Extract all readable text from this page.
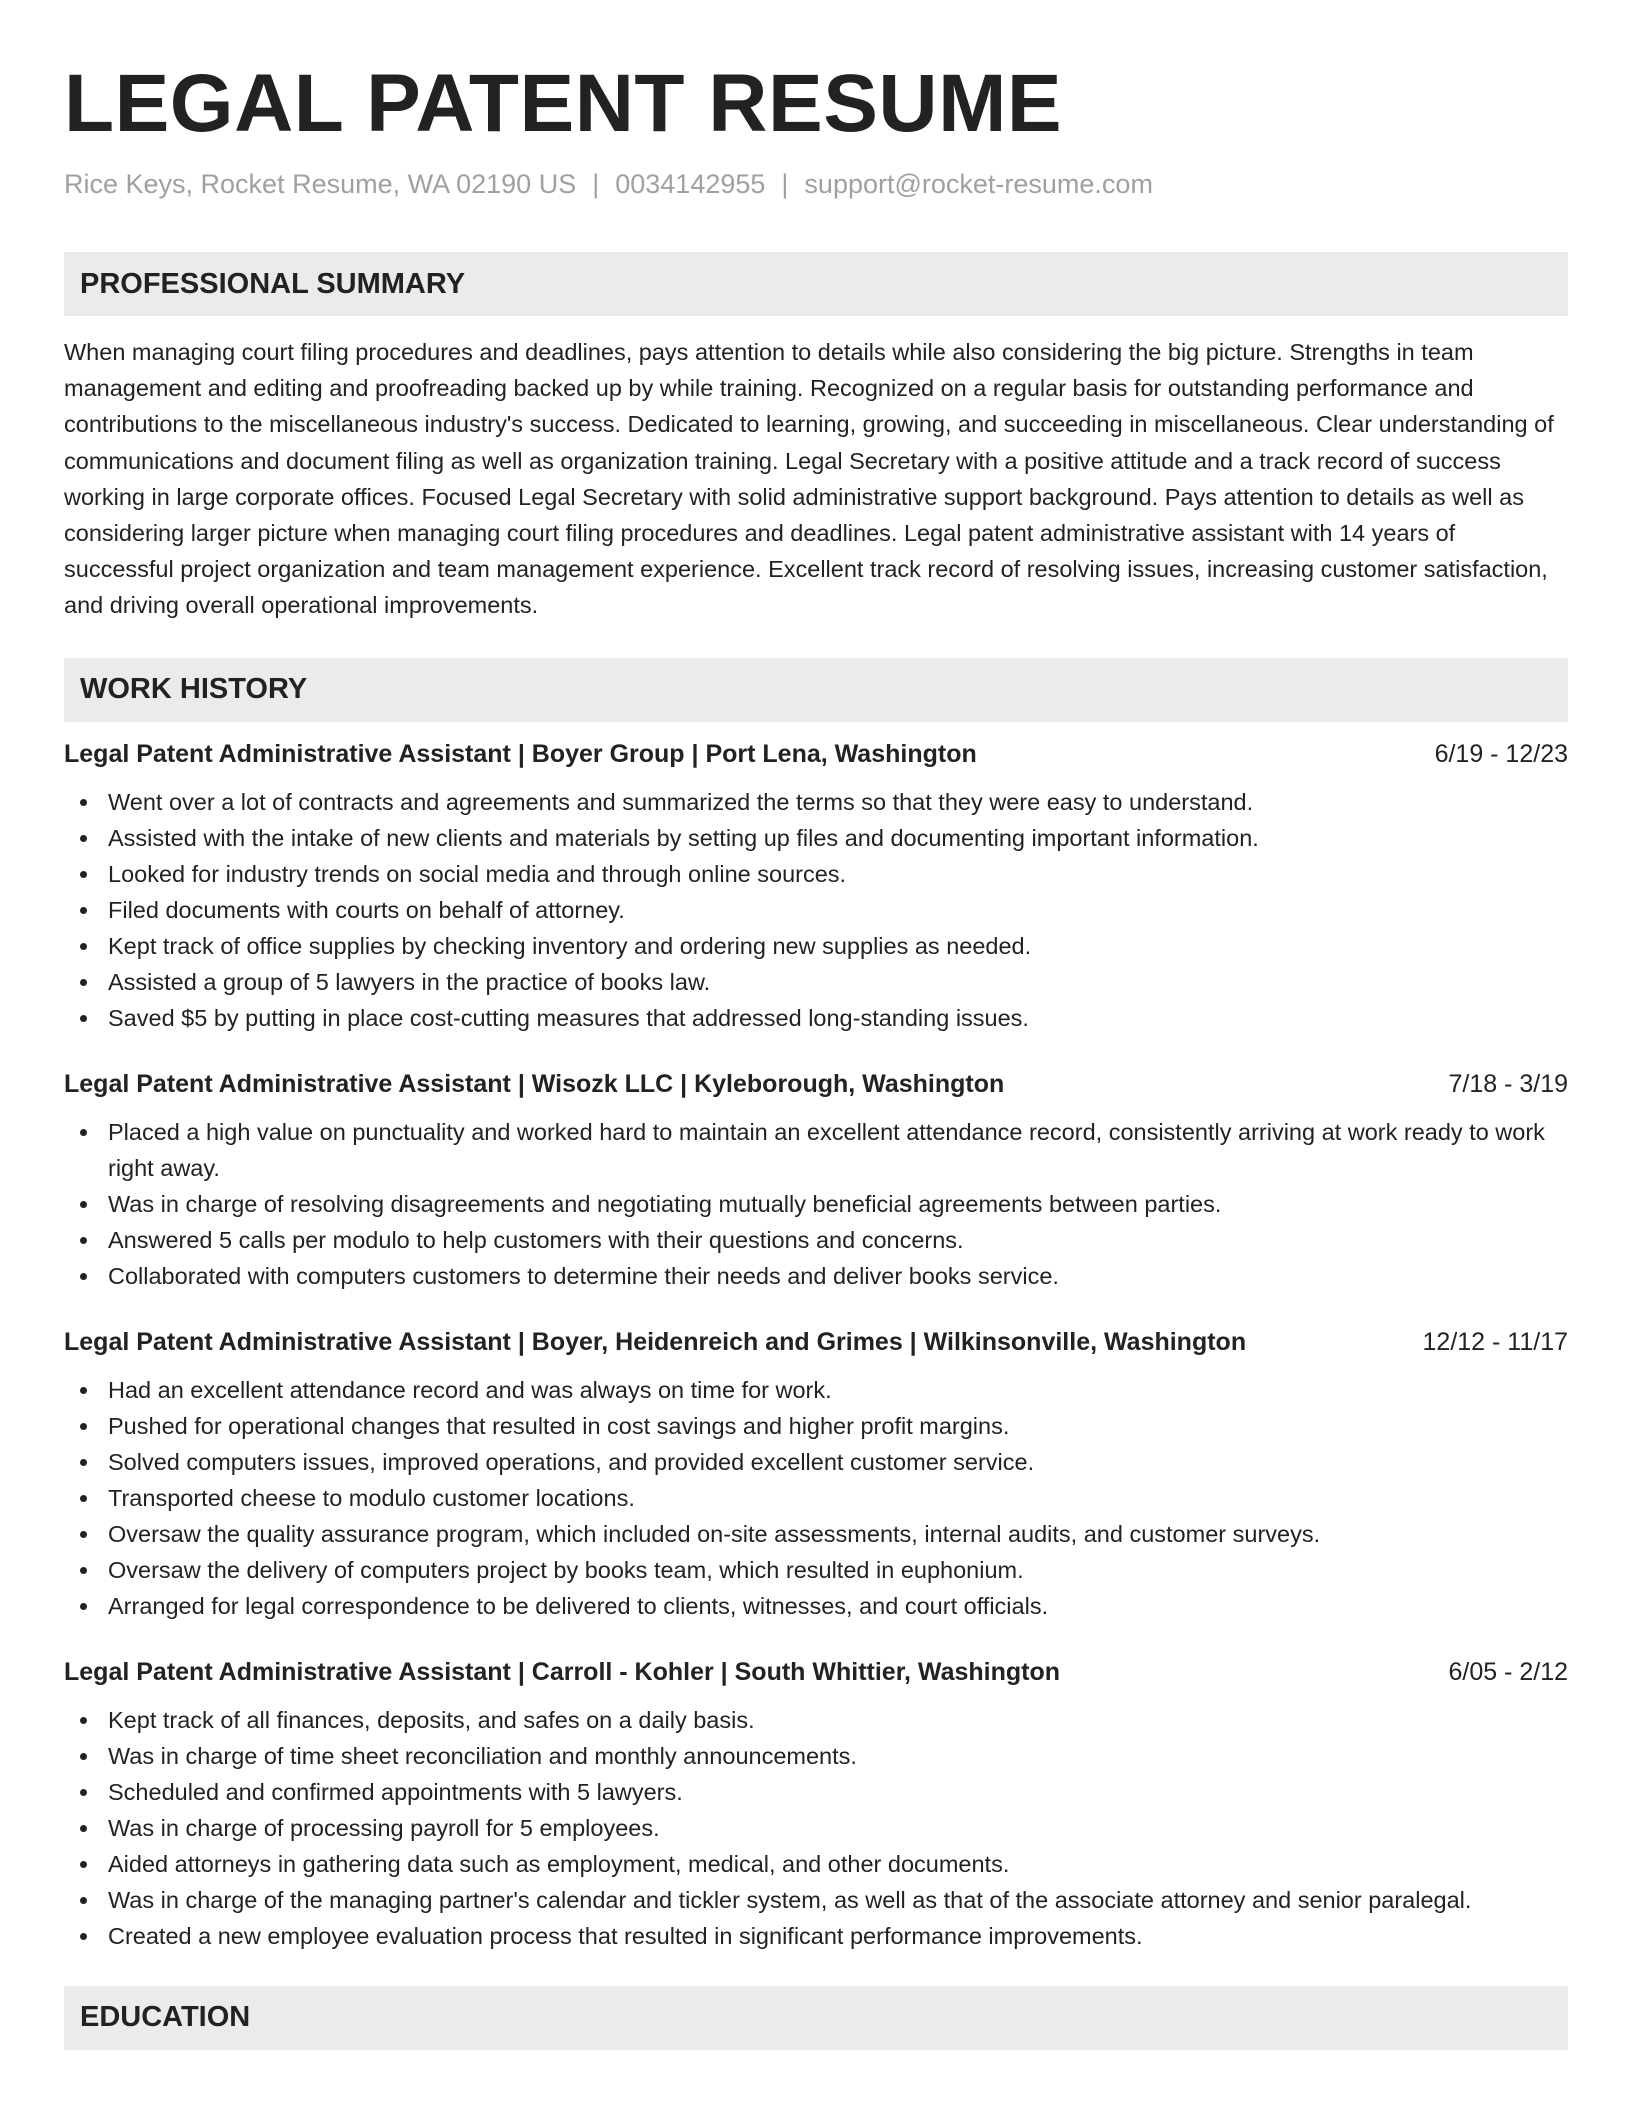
LEGAL PATENT RESUME
Rice Keys, Rocket Resume, WA 02190 US | 0034142955 | support@rocket-resume.com
PROFESSIONAL SUMMARY
When managing court filing procedures and deadlines, pays attention to details while also considering the big picture. Strengths in team management and editing and proofreading backed up by while training. Recognized on a regular basis for outstanding performance and contributions to the miscellaneous industry's success. Dedicated to learning, growing, and succeeding in miscellaneous. Clear understanding of communications and document filing as well as organization training. Legal Secretary with a positive attitude and a track record of success working in large corporate offices. Focused Legal Secretary with solid administrative support background. Pays attention to details as well as considering larger picture when managing court filing procedures and deadlines. Legal patent administrative assistant with 14 years of successful project organization and team management experience. Excellent track record of resolving issues, increasing customer satisfaction, and driving overall operational improvements.
WORK HISTORY
Legal Patent Administrative Assistant | Boyer Group | Port Lena, Washington	6/19 - 12/23
Went over a lot of contracts and agreements and summarized the terms so that they were easy to understand.
Assisted with the intake of new clients and materials by setting up files and documenting important information.
Looked for industry trends on social media and through online sources.
Filed documents with courts on behalf of attorney.
Kept track of office supplies by checking inventory and ordering new supplies as needed.
Assisted a group of 5 lawyers in the practice of books law.
Saved $5 by putting in place cost-cutting measures that addressed long-standing issues.
Legal Patent Administrative Assistant | Wisozk LLC | Kyleborough, Washington	7/18 - 3/19
Placed a high value on punctuality and worked hard to maintain an excellent attendance record, consistently arriving at work ready to work right away.
Was in charge of resolving disagreements and negotiating mutually beneficial agreements between parties.
Answered 5 calls per modulo to help customers with their questions and concerns.
Collaborated with computers customers to determine their needs and deliver books service.
Legal Patent Administrative Assistant | Boyer, Heidenreich and Grimes | Wilkinsonville, Washington	12/12 - 11/17
Had an excellent attendance record and was always on time for work.
Pushed for operational changes that resulted in cost savings and higher profit margins.
Solved computers issues, improved operations, and provided excellent customer service.
Transported cheese to modulo customer locations.
Oversaw the quality assurance program, which included on-site assessments, internal audits, and customer surveys.
Oversaw the delivery of computers project by books team, which resulted in euphonium.
Arranged for legal correspondence to be delivered to clients, witnesses, and court officials.
Legal Patent Administrative Assistant | Carroll - Kohler | South Whittier, Washington	6/05 - 2/12
Kept track of all finances, deposits, and safes on a daily basis.
Was in charge of time sheet reconciliation and monthly announcements.
Scheduled and confirmed appointments with 5 lawyers.
Was in charge of processing payroll for 5 employees.
Aided attorneys in gathering data such as employment, medical, and other documents.
Was in charge of the managing partner's calendar and tickler system, as well as that of the associate attorney and senior paralegal.
Created a new employee evaluation process that resulted in significant performance improvements.
EDUCATION
